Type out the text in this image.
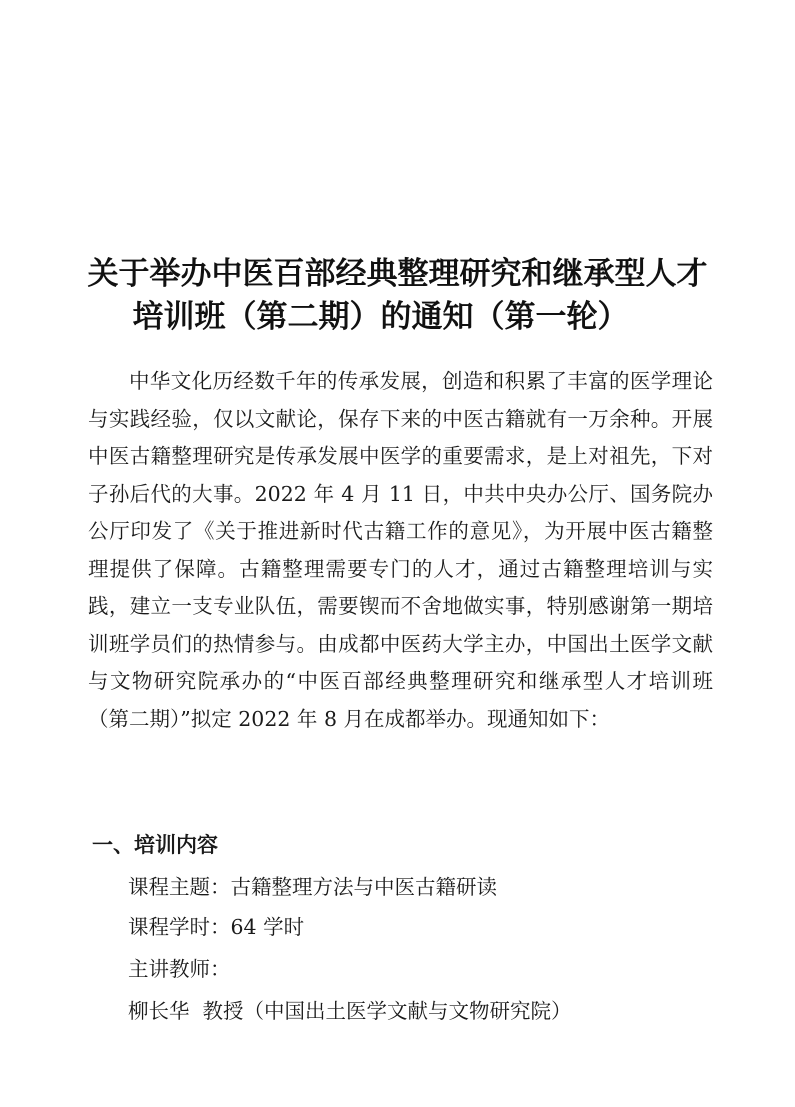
关于举办中医百部经典整理研究和继承型人才
培训班（第二期）的通知（第一轮）

中华文化历经数千年的传承发展，创造和积累了丰富的医学理论与实践经验，仅以文献论，保存下来的中医古籍就有一万余种。开展中医古籍整理研究是传承发展中医学的重要需求，是上对祖先，下对子孙后代的大事。2022 年 4 月 11 日，中共中央办公厅、国务院办公厅印发了《关于推进新时代古籍工作的意见》，为开展中医古籍整理提供了保障。古籍整理需要专门的人才，通过古籍整理培训与实践，建立一支专业队伍，需要锲而不舍地做实事，特别感谢第一期培训班学员们的热情参与。由成都中医药大学主办，中国出土医学文献与文物研究院承办的“中医百部经典整理研究和继承型人才培训班（第二期）”拟定 2022 年 8 月在成都举办。现通知如下：

一、培训内容
课程主题：古籍整理方法与中医古籍研读
课程学时：64 学时
主讲教师：
柳长华  教授（中国出土医学文献与文物研究院）
